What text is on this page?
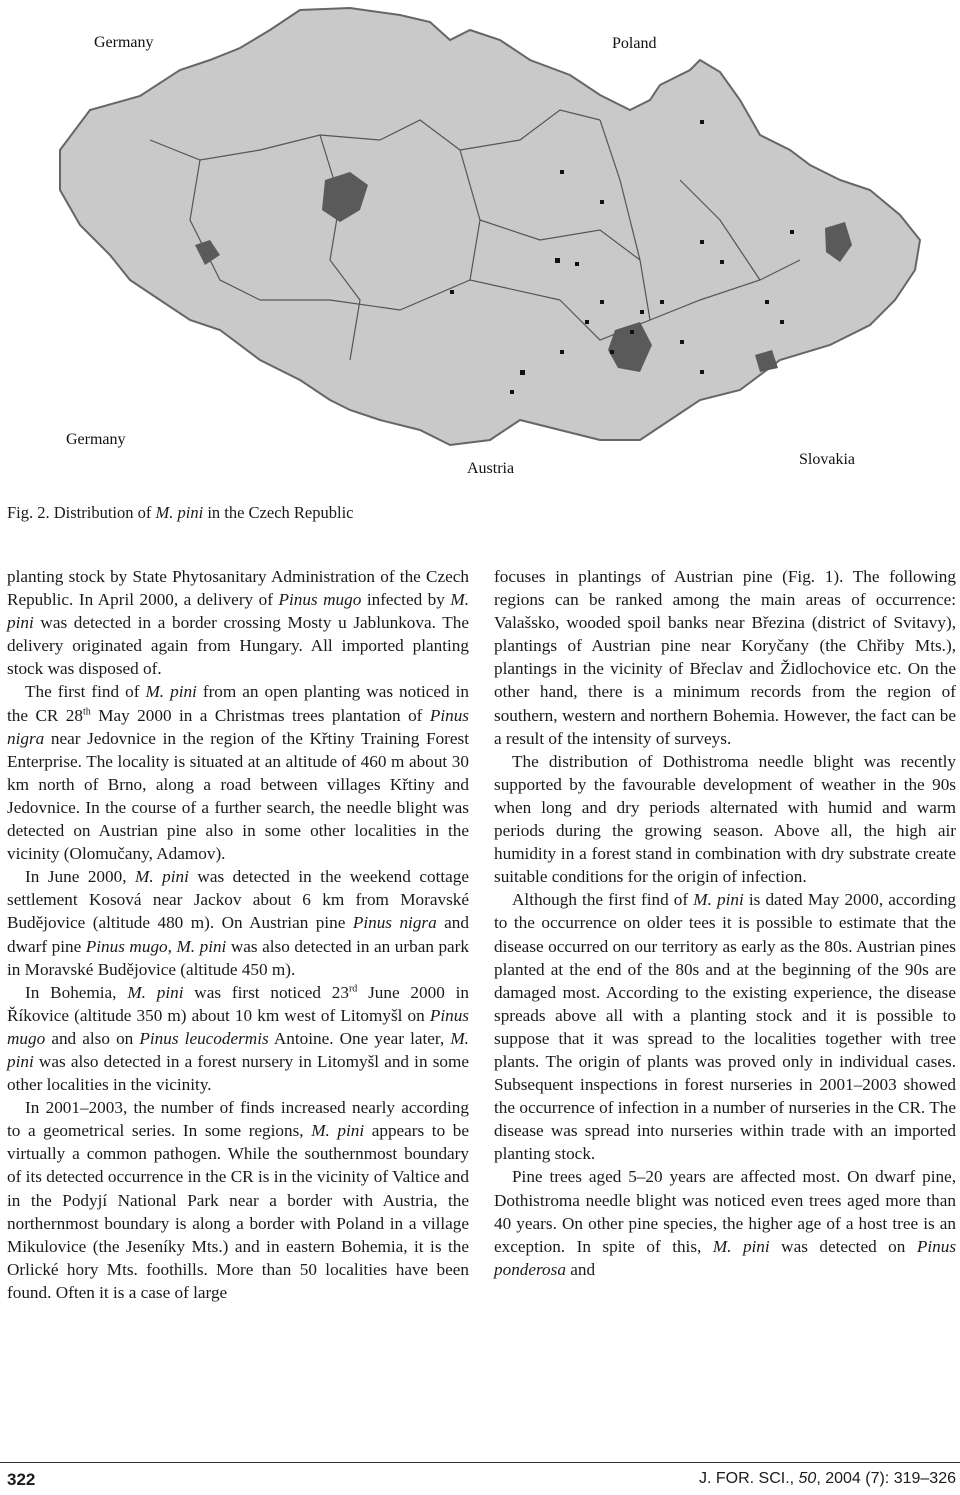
Germany	Poland
Germany
Austria
Slovakia
Fig. 2. Distribution of M. pini in the Czech Republic

planting stock by State Phytosanitary Administration of the Czech Republic. In April 2000, a delivery of Pinus mugo infected by M. pini was detected in a border crossing Mosty u Jablunkova. The delivery originated again from Hungary. All imported planting stock was disposed of.

The first find of M. pini from an open planting was noticed in the CR 28th May 2000 in a Christmas trees plantation of Pinus nigra near Jedovnice in the region of the Křtiny Training Forest Enterprise. The locality is situated at an altitude of 460 m about 30 km north of Brno, along a road between villages Křtiny and Jedovnice. In the course of a further search, the needle blight was detected on Austrian pine also in some other localities in the vicinity (Olomučany, Adamov).

In June 2000, M. pini was detected in the weekend cottage settlement Kosová near Jackov about 6 km from Moravské Budějovice (altitude 480 m). On Austrian pine Pinus nigra and dwarf pine Pinus mugo, M. pini was also detected in an urban park in Moravské Budějovice (altitude 450 m).

In Bohemia, M. pini was first noticed 23rd June 2000 in Říkovice (altitude 350 m) about 10 km west of Litomyšl on Pinus mugo and also on Pinus leucodermis Antoine. One year later, M. pini was also detected in a forest nursery in Litomyšl and in some other localities in the vicinity.

In 2001–2003, the number of finds increased nearly according to a geometrical series. In some regions, M. pini appears to be virtually a common pathogen. While the southernmost boundary of its detected occurrence in the CR is in the vicinity of Valtice and in the Podyjí National Park near a border with Austria, the northernmost boundary is along a border with Poland in a village Mikulovice (the Jeseníky Mts.) and in eastern Bohemia, it is the Orlické hory Mts. foothills. More than 50 localities have been found. Often it is a case of large

focuses in plantings of Austrian pine (Fig. 1). The following regions can be ranked among the main areas of occurrence: Valašsko, wooded spoil banks near Březina (district of Svitavy), plantings of Austrian pine near Koryčany (the Chřiby Mts.), plantings in the vicinity of Břeclav and Židlochovice etc. On the other hand, there is a minimum records from the region of southern, western and northern Bohemia. However, the fact can be a result of the intensity of surveys.

The distribution of Dothistroma needle blight was recently supported by the favourable development of weather in the 90s when long and dry periods alternated with humid and warm periods during the growing season. Above all, the high air humidity in a forest stand in combination with dry substrate create suitable conditions for the origin of infection.

Although the first find of M. pini is dated May 2000, according to the occurrence on older tees it is possible to estimate that the disease occurred on our territory as early as the 80s. Austrian pines planted at the end of the 80s and at the beginning of the 90s are damaged most. According to the existing experience, the disease spreads above all with a planting stock and it is possible to suppose that it was spread to the localities together with tree plants. The origin of plants was proved only in individual cases. Subsequent inspections in forest nurseries in 2001–2003 showed the occurrence of infection in a number of nurseries in the CR. The disease was spread into nurseries within trade with an imported planting stock.

Pine trees aged 5–20 years are affected most. On dwarf pine, Dothistroma needle blight was noticed even trees aged more than 40 years. On other pine species, the higher age of a host tree is an exception. In spite of this, M. pini was detected on Pinus ponderosa and

322	J. FOR. SCI., 50, 2004 (7): 319–326
